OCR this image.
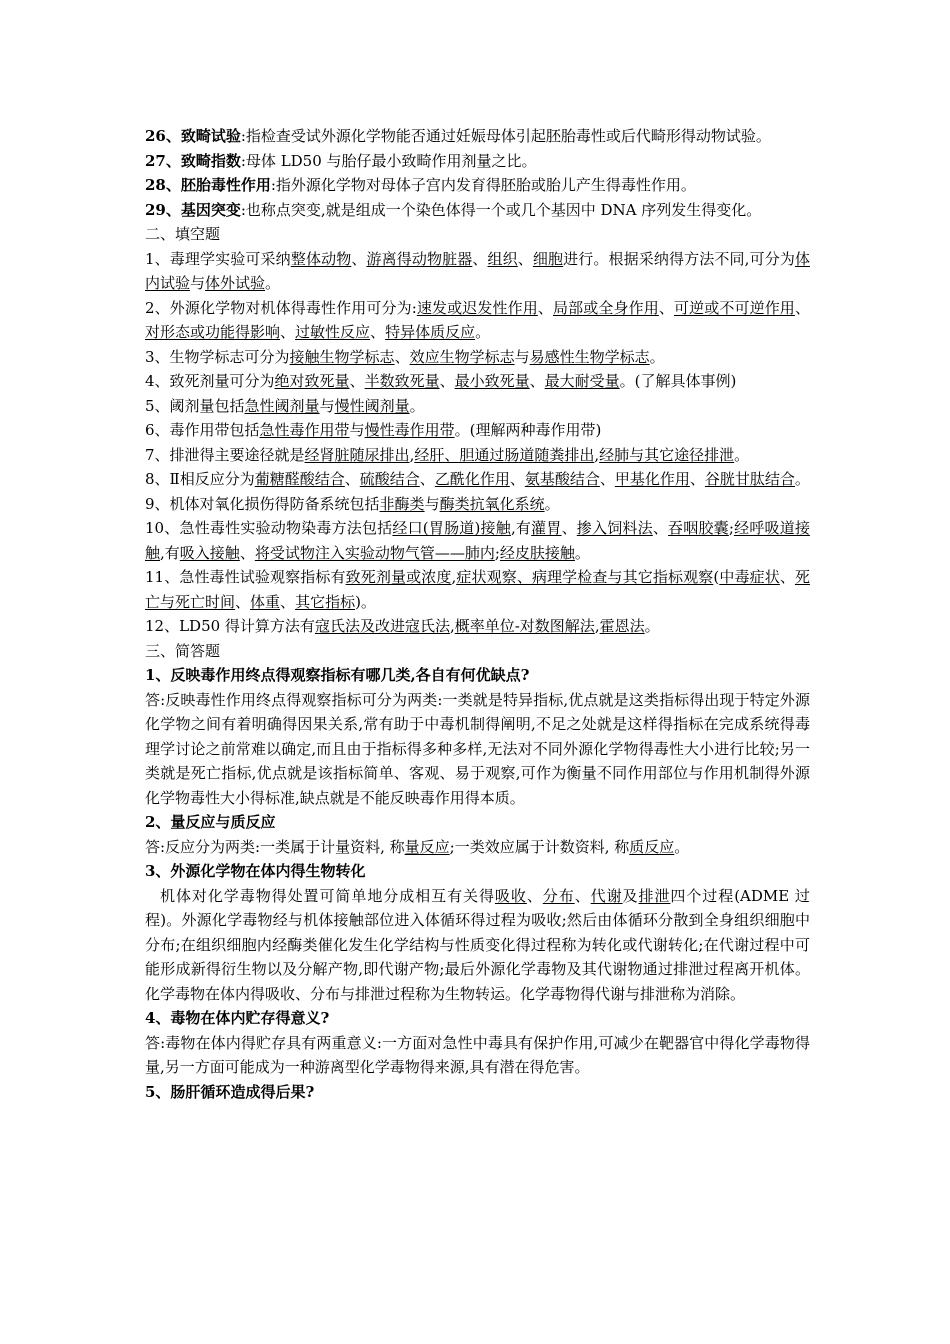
26、致畸试验:指检查受试外源化学物能否通过妊娠母体引起胚胎毒性或后代畸形得动物试验。

27、致畸指数:母体 LD50 与胎仔最小致畸作用剂量之比。

28、胚胎毒性作用:指外源化学物对母体子宫内发育得胚胎或胎儿产生得毒性作用。

29、基因突变:也称点突变,就是组成一个染色体得一个或几个基因中 DNA 序列发生得变化。

二、填空题

1、毒理学实验可采纳整体动物、游离得动物脏器、组织、细胞进行。根据采纳得方法不同,可分为体内试验与体外试验。

2、外源化学物对机体得毒性作用可分为:速发或迟发性作用、局部或全身作用、可逆或不可逆作用、对形态或功能得影响、过敏性反应、特异体质反应。

3、生物学标志可分为接触生物学标志、效应生物学标志与易感性生物学标志。

4、致死剂量可分为绝对致死量、半数致死量、最小致死量、最大耐受量。(了解具体事例)

5、阈剂量包括急性阈剂量与慢性阈剂量。

6、毒作用带包括急性毒作用带与慢性毒作用带。(理解两种毒作用带)

7、排泄得主要途径就是经肾脏随尿排出,经肝、胆通过肠道随粪排出,经肺与其它途径排泄。

8、Ⅱ相反应分为葡糖醛酸结合、硫酸结合、乙酰化作用、氨基酸结合、甲基化作用、谷胱甘肽结合。

9、机体对氧化损伤得防备系统包括非酶类与酶类抗氧化系统。

10、急性毒性实验动物染毒方法包括经口(胃肠道)接触,有灌胃、掺入饲料法、吞咽胶囊;经呼吸道接触,有吸入接触、将受试物注入实验动物气管——肺内;经皮肤接触。

11、急性毒性试验观察指标有致死剂量或浓度,症状观察、病理学检查与其它指标观察(中毒症状、死亡与死亡时间、体重、其它指标)。

12、LD50 得计算方法有寇氏法及改进寇氏法,概率单位-对数图解法,霍恩法。

三、简答题

1、反映毒作用终点得观察指标有哪几类,各自有何优缺点?

答:反映毒性作用终点得观察指标可分为两类:一类就是特异指标,优点就是这类指标得出现于特定外源化学物之间有着明确得因果关系,常有助于中毒机制得阐明,不足之处就是这样得指标在完成系统得毒理学讨论之前常难以确定,而且由于指标得多种多样,无法对不同外源化学物得毒性大小进行比较;另一类就是死亡指标,优点就是该指标简单、客观、易于观察,可作为衡量不同作用部位与作用机制得外源化学物毒性大小得标准,缺点就是不能反映毒作用得本质。

2、量反应与质反应

答:反应分为两类:一类属于计量资料, 称量反应;一类效应属于计数资料, 称质反应。

3、外源化学物在体内得生物转化

机体对化学毒物得处置可简单地分成相互有关得吸收、分布、代谢及排泄四个过程(ADME 过程)。外源化学毒物经与机体接触部位进入体循环得过程为吸收;然后由体循环分散到全身组织细胞中分布;在组织细胞内经酶类催化发生化学结构与性质变化得过程称为转化或代谢转化;在代谢过程中可能形成新得衍生物以及分解产物,即代谢产物;最后外源化学毒物及其代谢物通过排泄过程离开机体。化学毒物在体内得吸收、分布与排泄过程称为生物转运。化学毒物得代谢与排泄称为消除。

4、毒物在体内贮存得意义?

答:毒物在体内得贮存具有两重意义:一方面对急性中毒具有保护作用,可减少在靶器官中得化学毒物得量,另一方面可能成为一种游离型化学毒物得来源,具有潜在得危害。

5、肠肝循环造成得后果?
